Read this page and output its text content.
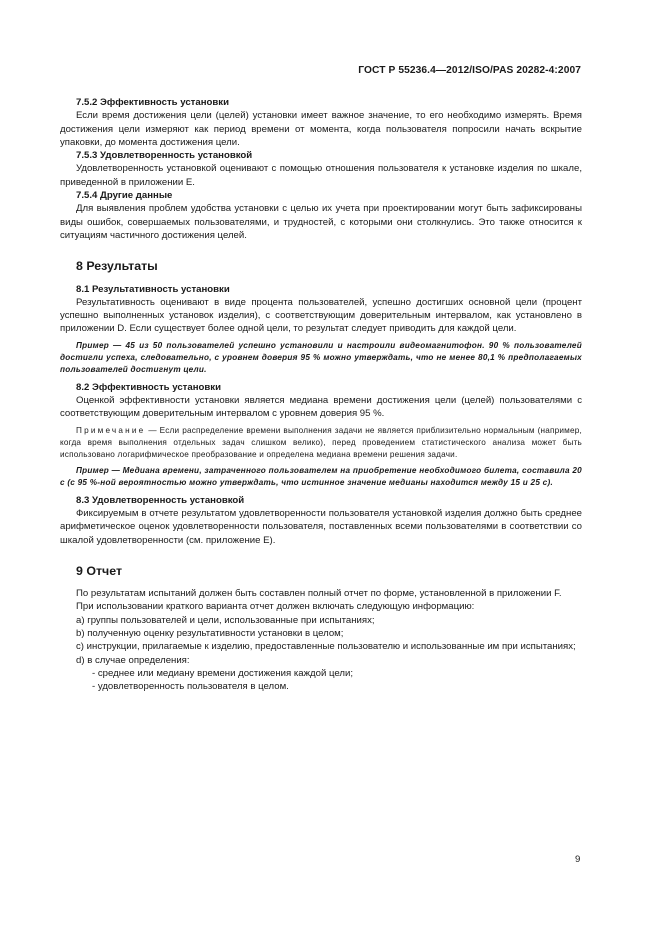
ГОСТ Р 55236.4—2012/ISO/PAS 20282-4:2007

7.5.2 Эффективность установки

Если время достижения цели (целей) установки имеет важное значение, то его необходимо измерять. Время достижения цели измеряют как период времени от момента, когда пользователя попросили начать вскрытие упаковки, до момента достижения цели.

7.5.3 Удовлетворенность установкой

Удовлетворенность установкой оценивают с помощью отношения пользователя к установке изделия по шкале, приведенной в приложении E.

7.5.4 Другие данные

Для выявления проблем удобства установки с целью их учета при проектировании могут быть зафиксированы виды ошибок, совершаемых пользователями, и трудностей, с которыми они столкнулись. Это также относится к ситуациям частичного достижения целей.

8 Результаты

8.1 Результативность установки

Результативность оценивают в виде процента пользователей, успешно достигших основной цели (процент успешно выполненных установок изделия), с соответствующим доверительным интервалом, как установлено в приложении D. Если существует более одной цели, то результат следует приводить для каждой цели.

Пример — 45 из 50 пользователей успешно установили и настроили видеомагнитофон. 90 % пользователей достигли успеха, следовательно, с уровнем доверия 95 % можно утверждать, что не менее 80,1 % предполагаемых пользователей достигнут цели.

8.2 Эффективность установки

Оценкой эффективности установки является медиана времени достижения цели (целей) пользователями с соответствующим доверительным интервалом с уровнем доверия 95 %.

Примечание — Если распределение времени выполнения задачи не является приблизительно нормальным (например, когда время выполнения отдельных задач слишком велико), перед проведением статистического анализа может быть использовано логарифмическое преобразование и определена медиана времени решения задачи.

Пример — Медиана времени, затраченного пользователем на приобретение необходимого билета, составила 20 с (с 95 %-ной вероятностью можно утверждать, что истинное значение медианы находится между 15 и 25 с).

8.3 Удовлетворенность установкой

Фиксируемым в отчете результатом удовлетворенности пользователя установкой изделия должно быть среднее арифметическое оценок удовлетворенности пользователя, поставленных всеми пользователями в соответствии со шкалой удовлетворенности (см. приложение E).

9 Отчет

По результатам испытаний должен быть составлен полный отчет по форме, установленной в приложении F.

При использовании краткого варианта отчет должен включать следующую информацию:

a) группы пользователей и цели, использованные при испытаниях;

b) полученную оценку результативности установки в целом;

c) инструкции, прилагаемые к изделию, предоставленные пользователю и использованные им при испытаниях;

d) в случае определения:

- среднее или медиану времени достижения каждой цели;

- удовлетворенность пользователя в целом.

9
